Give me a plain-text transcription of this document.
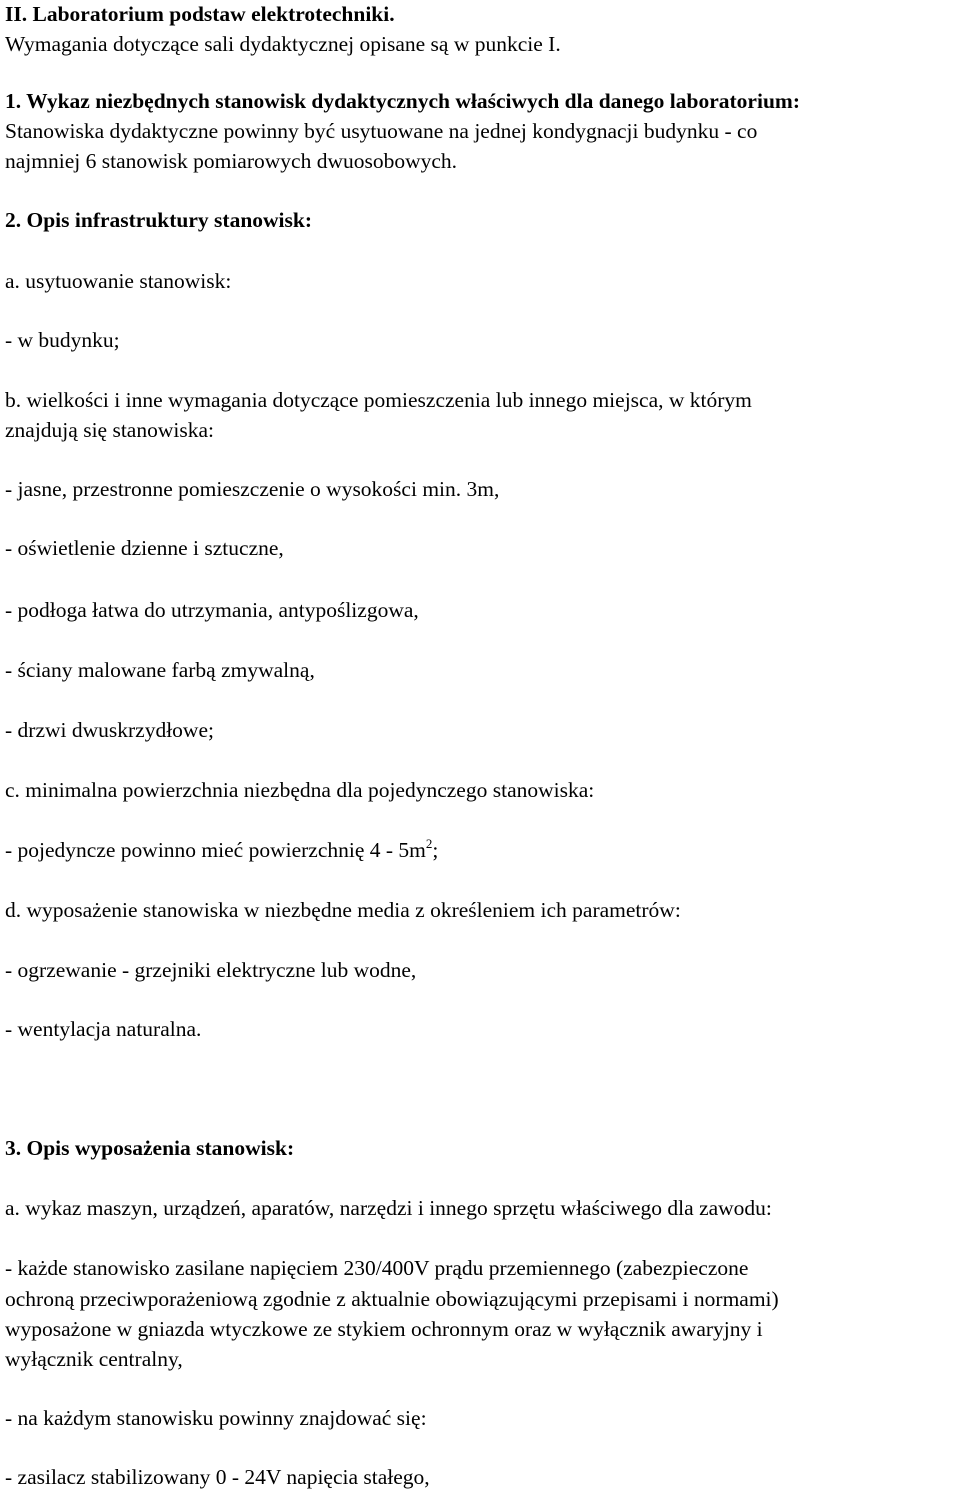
II. Laboratorium podstaw elektrotechniki.

Wymagania dotyczące sali dydaktycznej opisane są w punkcie I.

1. Wykaz niezbędnych stanowisk dydaktycznych właściwych dla danego laboratorium:

Stanowiska dydaktyczne powinny być usytuowane na jednej kondygnacji budynku - co

najmniej 6 stanowisk pomiarowych dwuosobowych.

2. Opis infrastruktury stanowisk:

a. usytuowanie stanowisk:

- w budynku;

b. wielkości i inne wymagania dotyczące pomieszczenia lub innego miejsca, w którym

znajdują się stanowiska:

- jasne, przestronne pomieszczenie o wysokości min. 3m,

- oświetlenie dzienne i sztuczne,

- podłoga łatwa do utrzymania, antypoślizgowa,

- ściany malowane farbą zmywalną,

- drzwi dwuskrzydłowe;

c. minimalna powierzchnia niezbędna dla pojedynczego stanowiska:

- pojedyncze powinno mieć powierzchnię $4 - 5m^2$;

d. wyposażenie stanowiska w niezbędne media z określeniem ich parametrów:

- ogrzewanie - grzejniki elektryczne lub wodne,

- wentylacja naturalna.

3. Opis wyposażenia stanowisk:

a. wykaz maszyn, urządzeń, aparatów, narzędzi i innego sprzętu właściwego dla zawodu:

- każde stanowisko zasilane napięciem 230/400V prądu przemiennego (zabezpieczone

ochroną przeciwporażeniową zgodnie z aktualnie obowiązującymi przepisami i normami)

wyposażone w gniazda wtyczkowe ze stykiem ochronnym oraz w wyłącznik awaryjny i

wyłącznik centralny,

- na każdym stanowisku powinny znajdować się:

- zasilacz stabilizowany 0 - 24V napięcia stałego,
